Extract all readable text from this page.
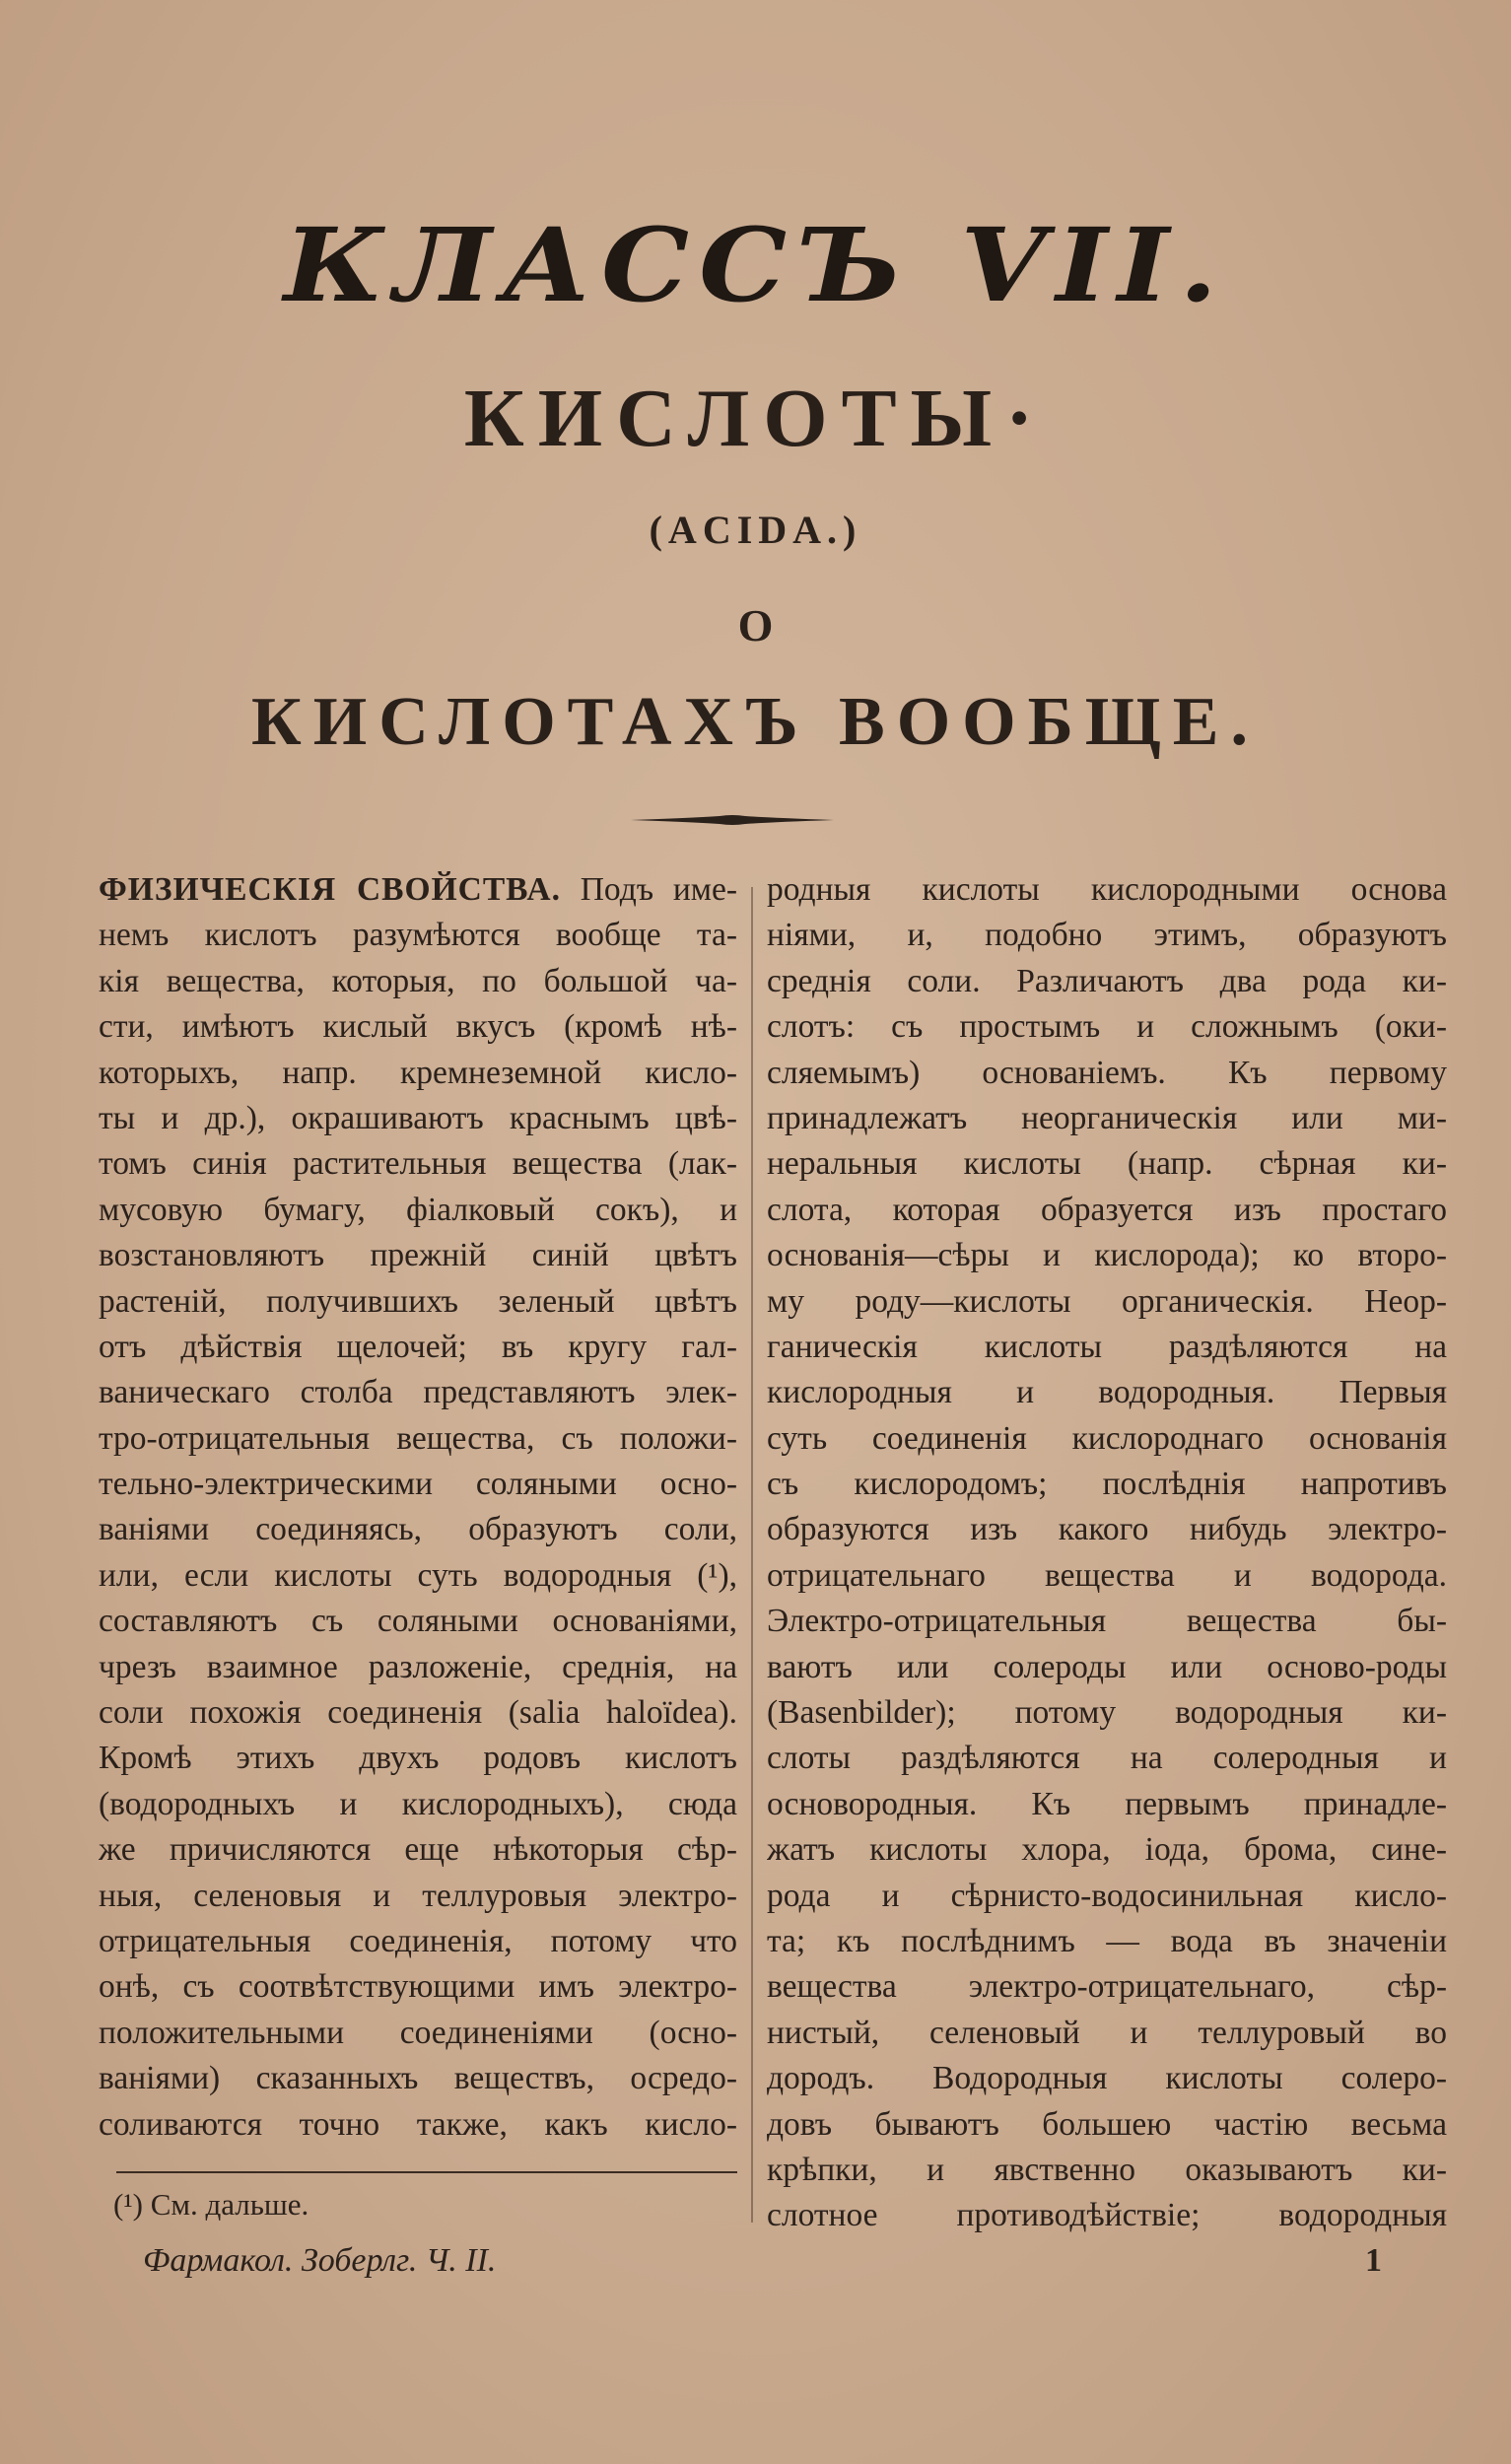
КЛАССЪ VII.
КИСЛОТЫ·
(ACIDA.)
О
КИСЛОТАХЪ ВООБЩЕ.
ФИЗИЧЕСКІЯ СВОЙСТВА. Подъ име-
немъ кислотъ разумѣются вообще та-
кія вещества, которыя, по большой ча-
сти, имѣютъ кислый вкусъ (кромѣ нѣ-
которыхъ, напр. кремнеземной кисло-
ты и др.), окрашиваютъ краснымъ цвѣ-
томъ синія растительныя вещества (лак-
мусовую бумагу, фіалковый сокъ), и
возстановляютъ прежній синій цвѣтъ
растеній, получившихъ зеленый цвѣтъ
отъ дѣйствія щелочей; въ кругу гал-
ваническаго столба представляютъ элек-
тро-отрицательныя вещества, съ положи-
тельно-электрическими соляными осно-
ваніями соединяясь, образуютъ соли,
или, если кислоты суть водородныя (¹),
составляютъ съ соляными основаніями,
чрезъ взаимное разложеніе, среднія, на
соли похожія соединенія (salia haloïdea).
Кромѣ этихъ двухъ родовъ кислотъ
(водородныхъ и кислородныхъ), сюда
же причисляются еще нѣкоторыя сѣр-
ныя, селеновыя и теллуровыя электро-
отрицательныя соединенія, потому что
онѣ, съ соотвѣтствующими имъ электро-
положительными соединеніями (осно-
ваніями) сказанныхъ веществъ, осредо-
соливаются точно также, какъ кисло-
родныя кислоты кислородными основа
ніями, и, подобно этимъ, образуютъ
среднія соли. Различаютъ два рода ки-
слотъ: съ простымъ и сложнымъ (оки-
сляемымъ) основаніемъ. Къ первому
принадлежатъ неорганическія или ми-
неральныя кислоты (напр. сѣрная ки-
слота, которая образуется изъ простаго
основанія—сѣры и кислорода); ко второ-
му роду—кислоты органическія. Неор-
ганическія кислоты раздѣляются на
кислородныя и водородныя. Первыя
суть соединенія кислороднаго основанія
съ кислородомъ; послѣднія напротивъ
образуются изъ какого нибудь электро-
отрицательнаго вещества и водорода.
Электро-отрицательныя вещества бы-
ваютъ или солероды или осново-роды
(Basenbilder); потому водородныя ки-
слоты раздѣляются на солеродныя и
основородныя. Къ первымъ принадле-
жатъ кислоты хлора, іода, брома, сине-
рода и сѣрнисто-водосинильная кисло-
та; къ послѣднимъ — вода въ значеніи
вещества электро-отрицательнаго, сѣр-
нистый, селеновый и теллуровый во
дородъ. Водородныя кислоты солеро-
довъ бываютъ большею частію весьма
крѣпки, и явственно оказываютъ ки-
слотное противодѣйствіе; водородныя
(¹) См. дальше.
Фармакол. Зоберлг. Ч. II.	1
